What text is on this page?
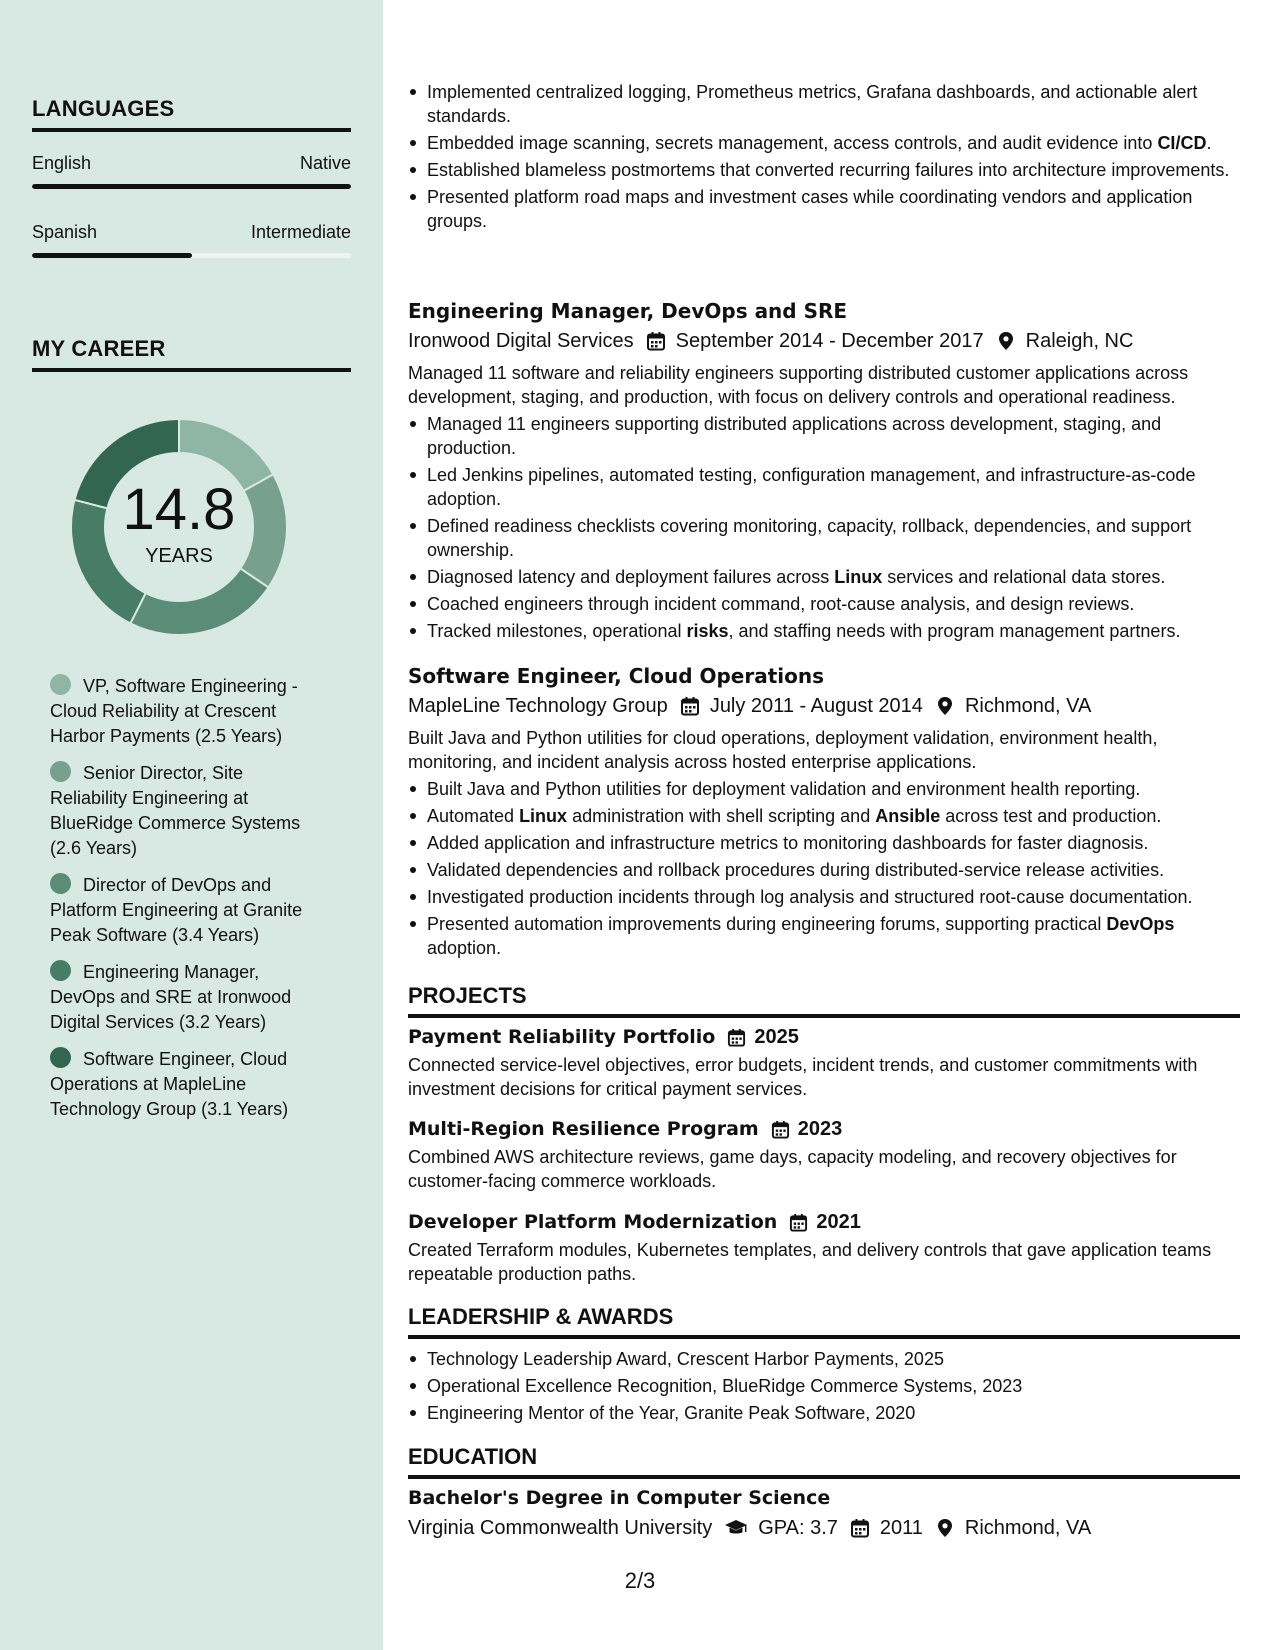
LANGUAGES
English	Native
Spanish	Intermediate
MY CAREER
14.8
YEARS
VP, Software Engineering - Cloud Reliability at Crescent Harbor Payments (2.5 Years)
Senior Director, Site Reliability Engineering at BlueRidge Commerce Systems (2.6 Years)
Director of DevOps and Platform Engineering at Granite Peak Software (3.4 Years)
Engineering Manager, DevOps and SRE at Ironwood Digital Services (3.2 Years)
Software Engineer, Cloud Operations at MapleLine Technology Group (3.1 Years)
Implemented centralized logging, Prometheus metrics, Grafana dashboards, and actionable alert standards.
Embedded image scanning, secrets management, access controls, and audit evidence into CI/CD.
Established blameless postmortems that converted recurring failures into architecture improvements.
Presented platform road maps and investment cases while coordinating vendors and application groups.
Engineering Manager, DevOps and SRE
Ironwood Digital Services September 2014 - December 2017 Raleigh, NC
Managed 11 software and reliability engineers supporting distributed customer applications across development, staging, and production, with focus on delivery controls and operational readiness.
Managed 11 engineers supporting distributed applications across development, staging, and production.
Led Jenkins pipelines, automated testing, configuration management, and infrastructure-as-code adoption.
Defined readiness checklists covering monitoring, capacity, rollback, dependencies, and support ownership.
Diagnosed latency and deployment failures across Linux services and relational data stores.
Coached engineers through incident command, root-cause analysis, and design reviews.
Tracked milestones, operational risks, and staffing needs with program management partners.
Software Engineer, Cloud Operations
MapleLine Technology Group July 2011 - August 2014 Richmond, VA
Built Java and Python utilities for cloud operations, deployment validation, environment health, monitoring, and incident analysis across hosted enterprise applications.
Built Java and Python utilities for deployment validation and environment health reporting.
Automated Linux administration with shell scripting and Ansible across test and production.
Added application and infrastructure metrics to monitoring dashboards for faster diagnosis.
Validated dependencies and rollback procedures during distributed-service release activities.
Investigated production incidents through log analysis and structured root-cause documentation.
Presented automation improvements during engineering forums, supporting practical DevOps adoption.
PROJECTS
Payment Reliability Portfolio 2025
Connected service-level objectives, error budgets, incident trends, and customer commitments with investment decisions for critical payment services.
Multi-Region Resilience Program 2023
Combined AWS architecture reviews, game days, capacity modeling, and recovery objectives for customer-facing commerce workloads.
Developer Platform Modernization 2021
Created Terraform modules, Kubernetes templates, and delivery controls that gave application teams repeatable production paths.
LEADERSHIP & AWARDS
Technology Leadership Award, Crescent Harbor Payments, 2025
Operational Excellence Recognition, BlueRidge Commerce Systems, 2023
Engineering Mentor of the Year, Granite Peak Software, 2020
EDUCATION
Bachelor's Degree in Computer Science
Virginia Commonwealth University GPA: 3.7 2011 Richmond, VA
2/3
